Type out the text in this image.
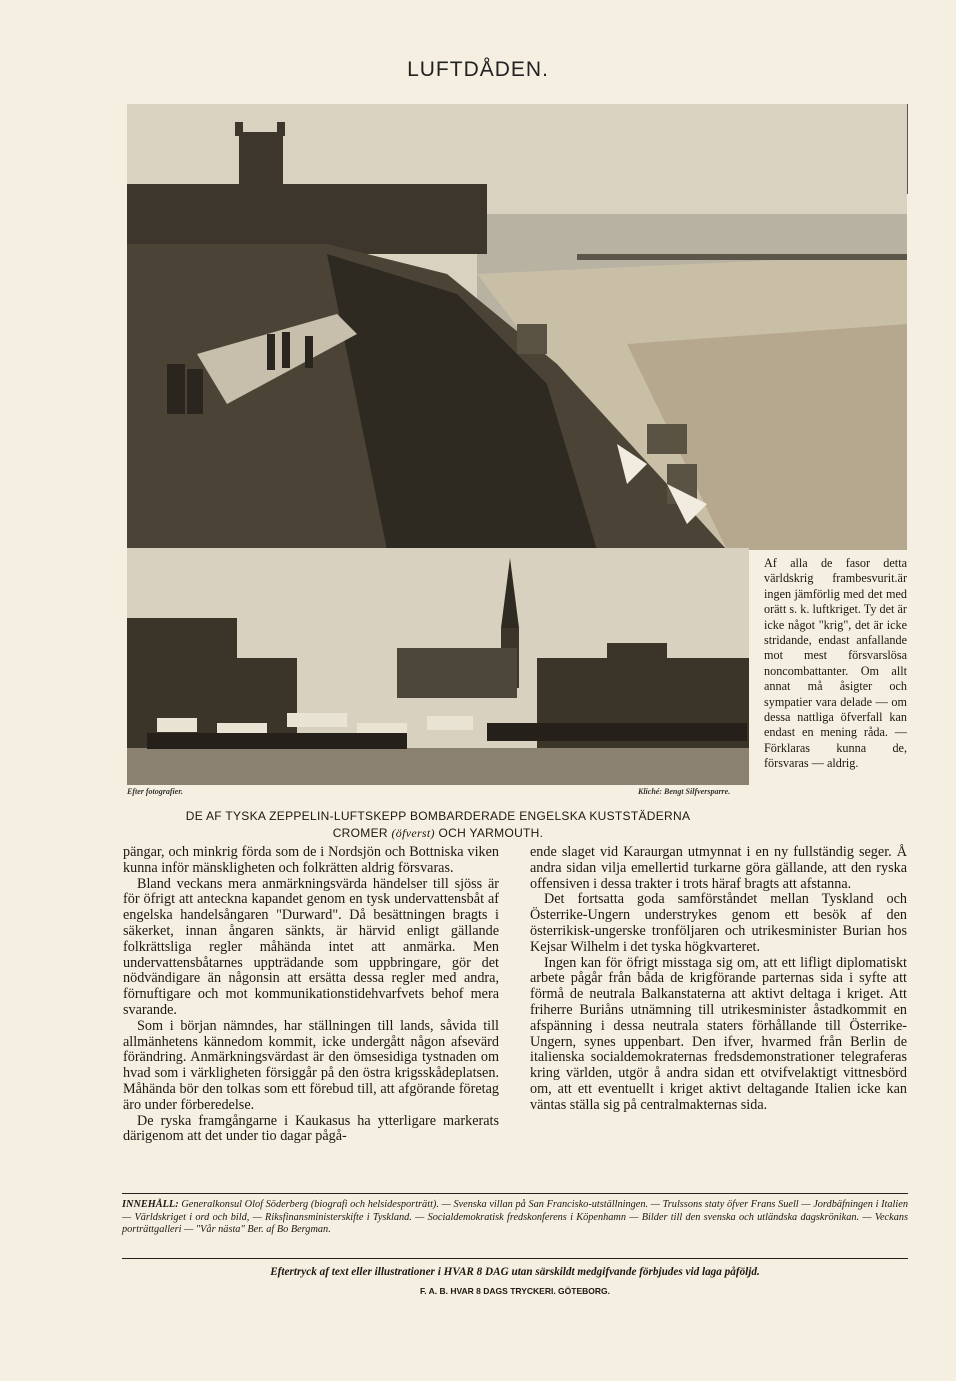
LUFTDÅDEN.
Efter fotografier.	Kliché: Bengt Silfversparre.
DE AF TYSKA ZEPPELIN-LUFTSKEPP BOMBARDERADE ENGELSKA KUSTSTÄDERNA
CROMER (öfverst) OCH YARMOUTH.
Af alla de fasor detta världskrig frambesvurit.är ingen jämförlig med det med orätt s. k. luftkriget. Ty det är icke något "krig", det är icke stridande, endast anfallande mot mest försvarslösa noncombattanter. Om allt annat må åsigter och sympatier vara delade — om dessa nattliga öfverfall kan endast en mening råda. — Förklaras kunna de, försvaras — aldrig.

pängar, och minkrig förda som de i Nordsjön och Bottniska viken kunna inför mänskligheten och folkrätten aldrig försvaras.

Bland veckans mera anmärkningsvärda händelser till sjöss är för öfrigt att anteckna kapandet genom en tysk undervattensbåt af engelska handelsångaren "Durward". Då besättningen bragts i säkerket, innan ångaren sänkts, är härvid enligt gällande folkrättsliga regler måhända intet att anmärka. Men undervattensbåtarnes uppträdande som uppbringare, gör det nödvändigare än någonsin att ersätta dessa regler med andra, förnuftigare och mot kommunikationstidehvarfvets behof mera svarande.

Som i början nämndes, har ställningen till lands, såvida till allmänhetens kännedom kommit, icke undergått någon afsevärd förändring. Anmärkningsvärdast är den ömsesidiga tystnaden om hvad som i värkligheten försiggår på den östra krigsskådeplatsen. Måhända bör den tolkas som ett förebud till, att afgörande företag äro under förberedelse.

De ryska framgångarne i Kaukasus ha ytterligare markerats därigenom att det under tio dagar pågå-

ende slaget vid Karaurgan utmynnat i en ny fullständig seger. Å andra sidan vilja emellertid turkarne göra gällande, att den ryska offensiven i dessa trakter i trots häraf bragts att afstanna.

Det fortsatta goda samförståndet mellan Tyskland och Österrike-Ungern understrykes genom ett besök af den österrikisk-ungerske tronföljaren och utrikesminister Burian hos Kejsar Wilhelm i det tyska högkvarteret.

Ingen kan för öfrigt misstaga sig om, att ett lifligt diplomatiskt arbete pågår från båda de krigförande parternas sida i syfte att förmå de neutrala Balkanstaterna att aktivt deltaga i kriget. Att friherre Buriåns utnämning till utrikesminister åstadkommit en afspänning i dessa neutrala staters förhållande till Österrike-Ungern, synes uppenbart. Den ifver, hvarmed från Berlin de italienska socialdemokraternas fredsdemonstrationer telegraferas kring världen, utgör å andra sidan ett otvifvelaktigt vittnesbörd om, att ett eventuellt i kriget aktivt deltagande Italien icke kan väntas ställa sig på centralmakternas sida.

INNEHÅLL: Generalkonsul Olof Söderberg (biografi och helsidesporträtt). — Svenska villan på San Francisko-utställningen. — Trulssons staty öfver Frans Suell — Jordbäfningen i Italien — Världskriget i ord och bild, — Riksfinansministerskifte i Tyskland. — Socialdemokratisk fredskonferens i Köpenhamn — Bilder till den svenska och utländska dagskrönikan. — Veckans porträttgalleri — "Vår nästa" Ber. af Bo Bergman.
Eftertryck af text eller illustrationer i HVAR 8 DAG utan särskildt medgifvande förbjudes vid laga påföljd.
F. A. B. HVAR 8 DAGS TRYCKERI. GÖTEBORG.
